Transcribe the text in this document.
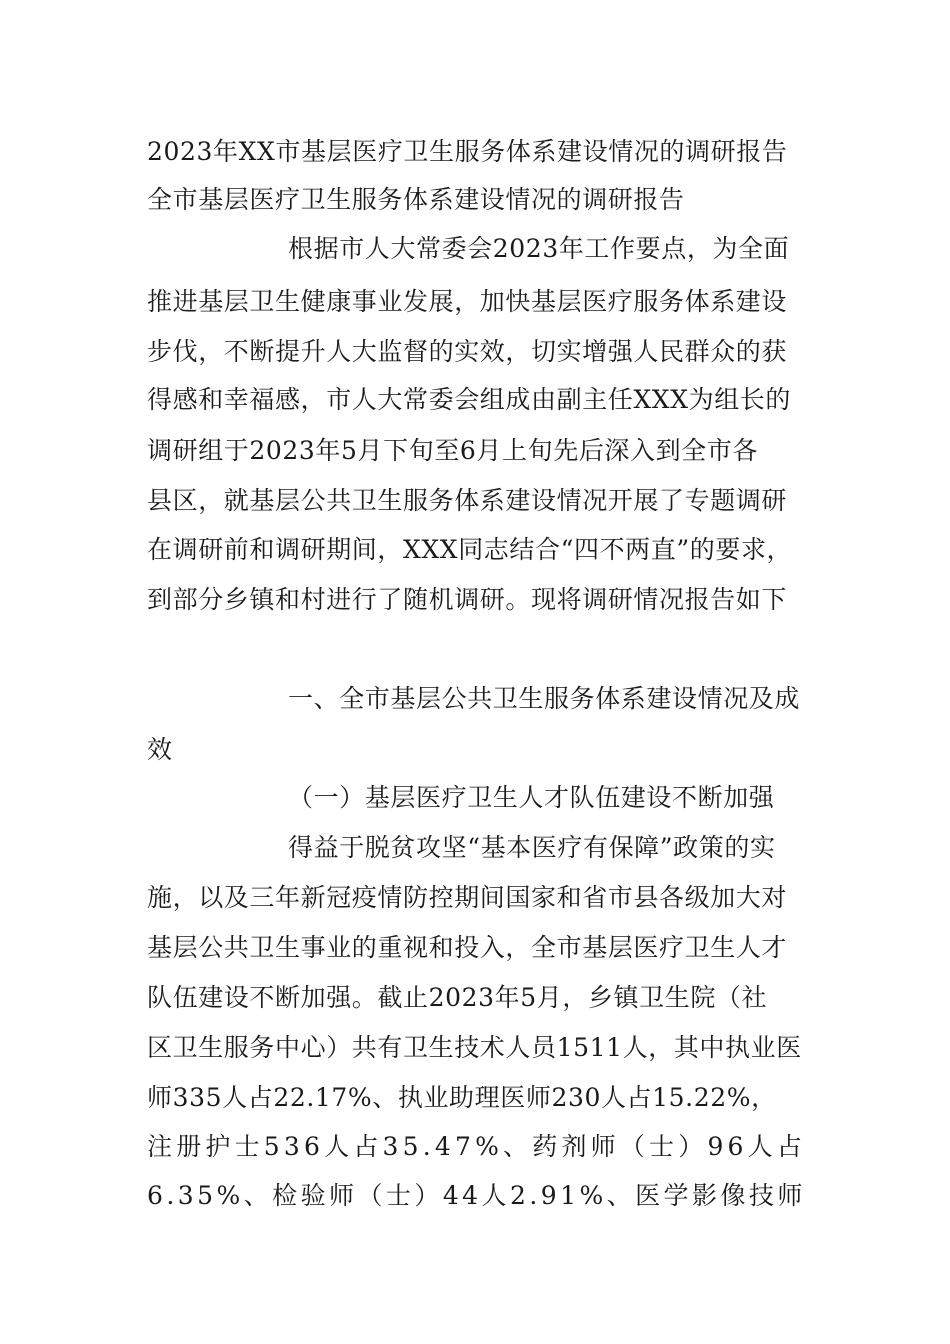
2023年XX市基层医疗卫生服务体系建设情况的调研报告
全市基层医疗卫生服务体系建设情况的调研报告
根据市人大常委会2023年工作要点，为全面
推进基层卫生健康事业发展，加快基层医疗服务体系建设
步伐，不断提升人大监督的实效，切实增强人民群众的获
得感和幸福感，市人大常委会组成由副主任XXX为组长的
调研组于2023年5月下旬至6月上旬先后深入到全市各
县区，就基层公共卫生服务体系建设情况开展了专题调研
在调研前和调研期间，XXX同志结合“四不两直”的要求，
到部分乡镇和村进行了随机调研。现将调研情况报告如下
一、全市基层公共卫生服务体系建设情况及成
效
（一）基层医疗卫生人才队伍建设不断加强
得益于脱贫攻坚“基本医疗有保障”政策的实
施，以及三年新冠疫情防控期间国家和省市县各级加大对
基层公共卫生事业的重视和投入，全市基层医疗卫生人才
队伍建设不断加强。截止2023年5月，乡镇卫生院（社
区卫生服务中心）共有卫生技术人员1511人，其中执业医
师335人占22.17%、执业助理医师230人占15.22%，
注册护士536人占35.47%、药剂师（士）96人占
6.35%、检验师（士）44人2.91%、医学影像技师
